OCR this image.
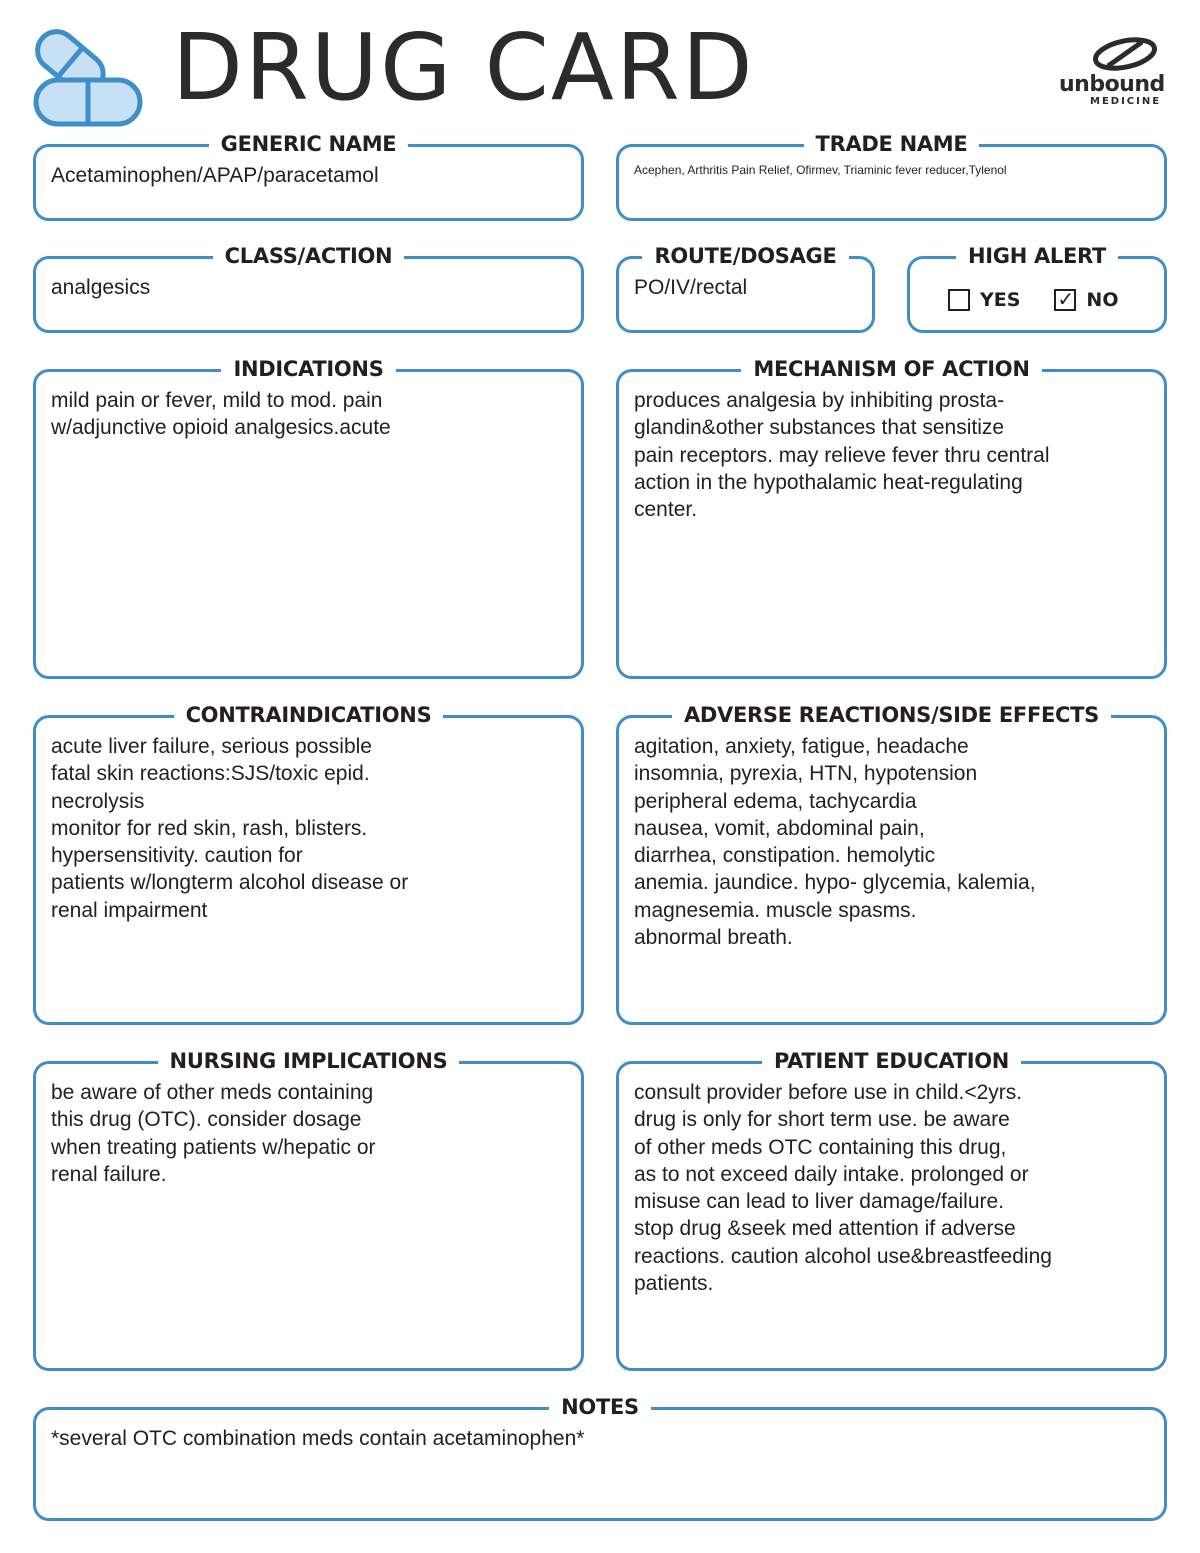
DRUG CARD	unbound
MEDICINE
GENERIC NAME
Acetaminophen/APAP/paracetamol
TRADE NAME
Acephen, Arthritis Pain Relief, Ofirmev, Triaminic fever reducer,Tylenol
CLASS/ACTION
analgesics
ROUTE/DOSAGE
PO/IV/rectal
HIGH ALERT
YES ✓ NO
INDICATIONS
mild pain or fever, mild to mod. pain
w/adjunctive opioid analgesics.acute
MECHANISM OF ACTION
produces analgesia by inhibiting prosta-
glandin&other substances that sensitize
pain receptors. may relieve fever thru central
action in the hypothalamic heat-regulating
center.
CONTRAINDICATIONS
acute liver failure, serious possible
fatal skin reactions:SJS/toxic epid.
necrolysis
monitor for red skin, rash, blisters.
hypersensitivity. caution for
patients w/longterm alcohol disease or
renal impairment
ADVERSE REACTIONS/SIDE EFFECTS
agitation, anxiety, fatigue, headache
insomnia, pyrexia, HTN, hypotension
peripheral edema, tachycardia
nausea, vomit, abdominal pain,
diarrhea, constipation. hemolytic
anemia. jaundice. hypo- glycemia, kalemia,
magnesemia. muscle spasms.
abnormal breath.
NURSING IMPLICATIONS
be aware of other meds containing
this drug (OTC). consider dosage
when treating patients w/hepatic or
renal failure.
PATIENT EDUCATION
consult provider before use in child.<2yrs.
drug is only for short term use. be aware
of other meds OTC containing this drug,
as to not exceed daily intake. prolonged or
misuse can lead to liver damage/failure.
stop drug &seek med attention if adverse
reactions. caution alcohol use&breastfeeding
patients.
NOTES
*several OTC combination meds contain acetaminophen*
